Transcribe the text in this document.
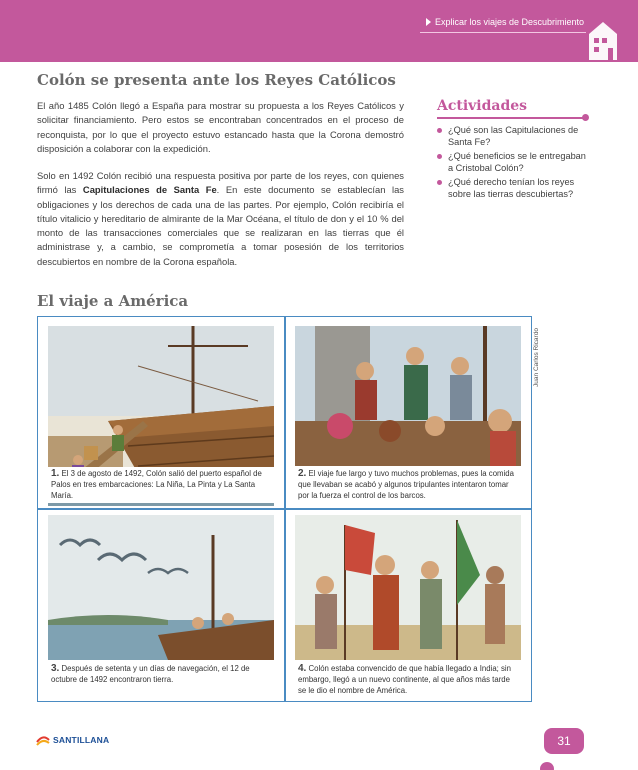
Explicar los viajes de Descubrimiento
Colón se presenta ante los Reyes Católicos

El año 1485 Colón llegó a España para mostrar su propuesta a los Reyes Católicos y solicitar financiamiento. Pero estos se encontraban concentrados en el proceso de reconquista, por lo que el proyecto estuvo estancado hasta que la Corona demostró disposición a colaborar con la expedición.

Solo en 1492 Colón recibió una respuesta positiva por parte de los reyes, con quienes firmó las Capitulaciones de Santa Fe. En este documento se establecían las obligaciones y los derechos de cada una de las partes. Por ejemplo, Colón recibiría el título vitalicio y hereditario de almirante de la Mar Océana, el título de don y el 10 % del monto de las transacciones comerciales que se realizaran en las tierras que él administrase y, a cambio, se comprometía a tomar posesión de los territorios descubiertos en nombre de la Corona española.

Actividades
¿Qué son las Capitulaciones de Santa Fe?
¿Qué beneficios se le entregaban a Cristobal Colón?
¿Qué derecho tenían los reyes sobre las tierras descubiertas?
El viaje a América
Juan Carlos Ricardo
1. El 3 de agosto de 1492, Colón salió del puerto español de Palos en tres embarcaciones: La Niña, La Pinta y La Santa María.
2. El viaje fue largo y tuvo muchos problemas, pues la comida que llevaban se acabó y algunos tripulantes intentaron tomar por la fuerza el control de los barcos.
3. Después de setenta y un días de navegación, el 12 de octubre de 1492 encontraron tierra.
4. Colón estaba convencido de que había llegado a India; sin embargo, llegó a un nuevo continente, al que años más tarde se le dio el nombre de América.
SANTILLANA	31
